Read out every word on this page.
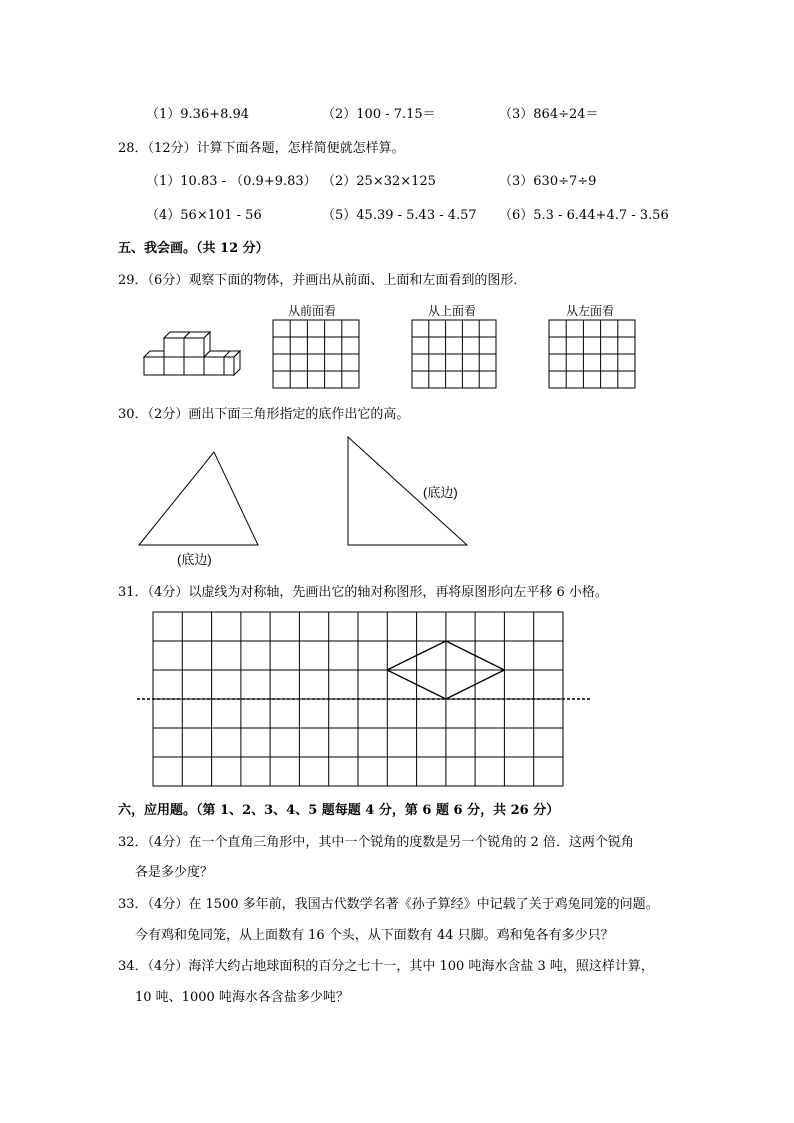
（1）9.36+8.94	（2）100 - 7.15＝	（3）864÷24＝
28．（12分）计算下面各题，怎样简便就怎样算。
（1）10.83 - （0.9+9.83） （2）25×32×125	（3）630÷7÷9
（4）56×101 - 56	（5）45.39 - 5.43 - 4.57 （6）5.3 - 6.44+4.7 - 3.56
五、我会画。（共 12 分）
29．（6分）观察下面的物体，并画出从前面、上面和左面看到的图形．
从前面看	从上面看	从左面看
30．（2分）画出下面三角形指定的底作出它的高。
(底边)
(底边)
31．（4分）以虚线为对称轴，先画出它的轴对称图形，再将原图形向左平移 6 小格。
六，应用题。（第 1、2、3、4、5 题每题 4 分，第 6 题 6 分，共 26 分）
32．（4分）在一个直角三角形中，其中一个锐角的度数是另一个锐角的 2 倍．这两个锐角
各是多少度？
33．（4分）在 1500 多年前，我国古代数学名著《孙子算经》中记载了关于鸡兔同笼的问题。
今有鸡和兔同笼，从上面数有 16 个头，从下面数有 44 只脚。鸡和兔各有多少只？
34．（4分）海洋大约占地球面积的百分之七十一，其中 100 吨海水含盐 3 吨，照这样计算，
10 吨、1000 吨海水各含盐多少吨？
